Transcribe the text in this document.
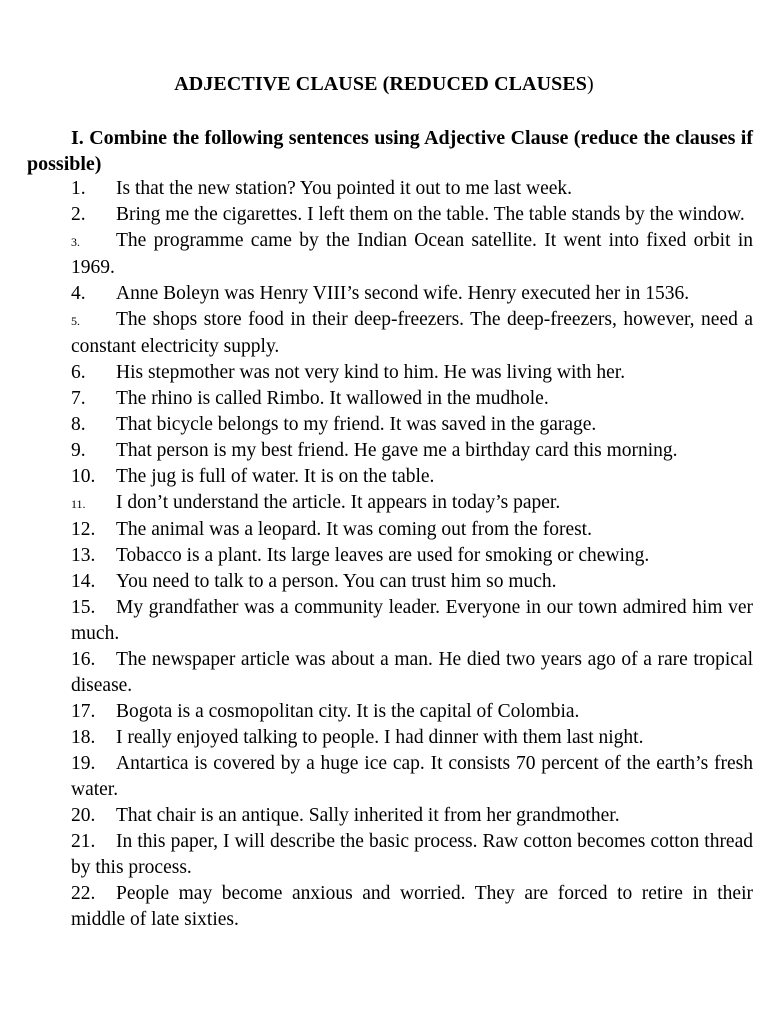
ADJECTIVE CLAUSE (REDUCED CLAUSES)
I. Combine the following sentences using Adjective Clause (reduce the clauses if possible)
1. Is that the new station? You pointed it out to me last week.
2. Bring me the cigarettes. I left them on the table. The table stands by the window.
3. The programme came by the Indian Ocean satellite. It went into fixed orbit in 1969.
4. Anne Boleyn was Henry VIII’s second wife. Henry executed her in 1536.
5. The shops store food in their deep-freezers. The deep-freezers, however, need a constant electricity supply.
6. His stepmother was not very kind to him. He was living with her.
7. The rhino is called Rimbo. It wallowed in the mudhole.
8. That bicycle belongs to my friend. It was saved in the garage.
9. That person is my best friend. He gave me a birthday card this morning.
10. The jug is full of water. It is on the table.
11. I don’t understand the article. It appears in today’s paper.
12. The animal was a leopard. It was coming out from the forest.
13. Tobacco is a plant. Its large leaves are used for smoking or chewing.
14. You need to talk to a person. You can trust him so much.
15. My grandfather was a community leader. Everyone in our town admired him ver much.
16. The newspaper article was about a man. He died two years ago of a rare tropical disease.
17. Bogota is a cosmopolitan city. It is the capital of Colombia.
18. I really enjoyed talking to people. I had dinner with them last night.
19. Antartica is covered by a huge ice cap. It consists 70 percent of the earth’s fresh water.
20. That chair is an antique. Sally inherited it from her grandmother.
21. In this paper, I will describe the basic process. Raw cotton becomes cotton thread by this process.
22. People may become anxious and worried. They are forced to retire in their middle of late sixties.
